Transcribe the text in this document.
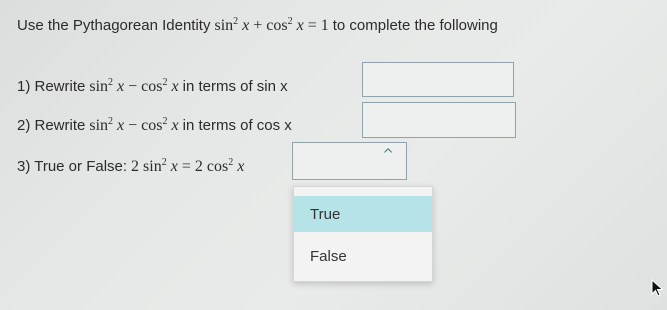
Use the Pythagorean Identity $\sin^2 x + \cos^2 x = 1$ to complete the following
1) Rewrite $\sin^2 x - \cos^2 x$ in terms of sin x
2) Rewrite $\sin^2 x - \cos^2 x$ in terms of cos x
3) True or False: 2 $\sin^2 x = 2$ $\cos^2 x$
^
True
False
